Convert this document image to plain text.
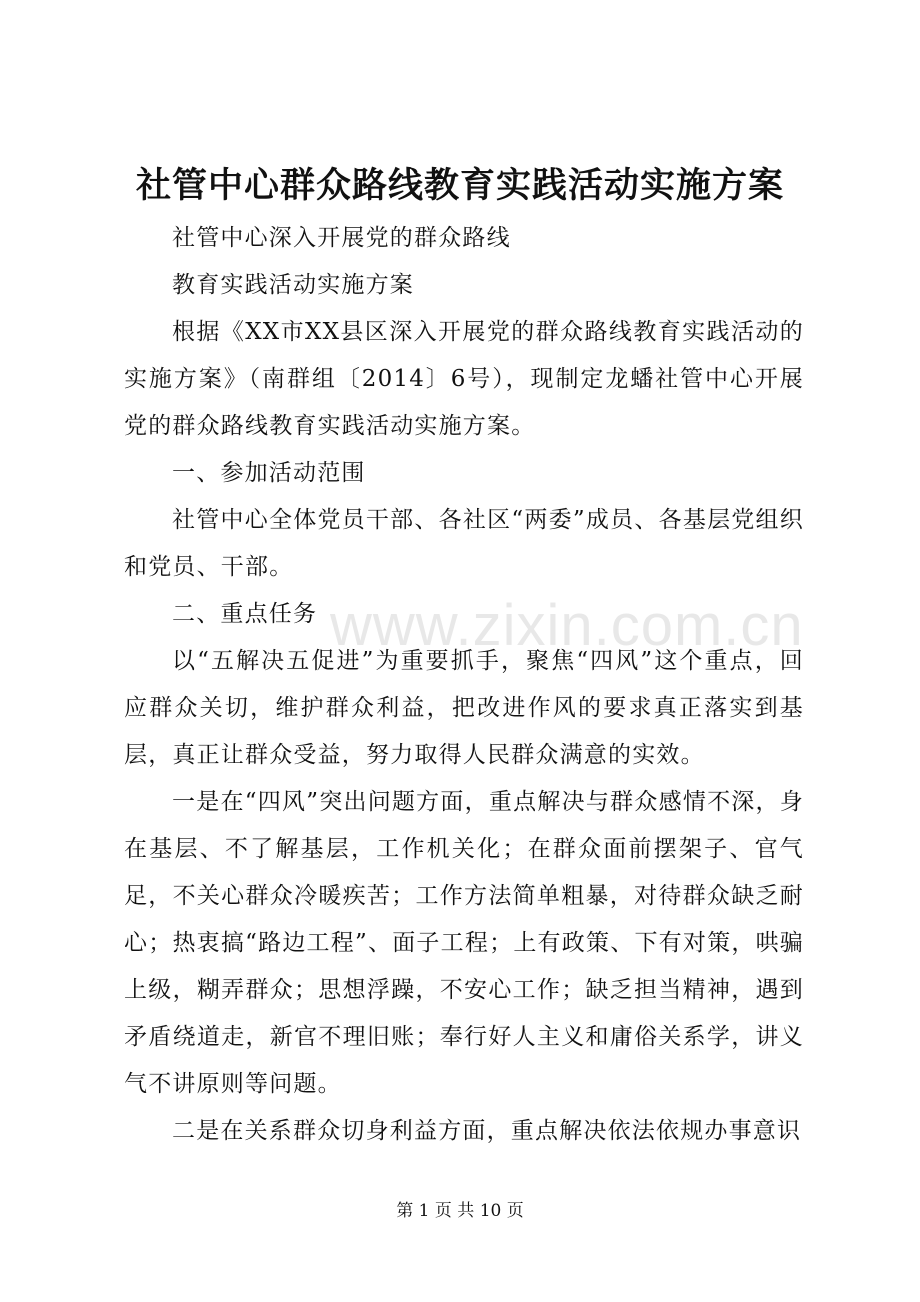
社管中心群众路线教育实践活动实施方案

社管中心深入开展党的群众路线

教育实践活动实施方案

根据《XX市XX县区深入开展党的群众路线教育实践活动的实施方案》（南群组〔2014〕6号），现制定龙蟠社管中心开展党的群众路线教育实践活动实施方案。

一、参加活动范围

社管中心全体党员干部、各社区“两委”成员、各基层党组织和党员、干部。

二、重点任务

以“五解决五促进”为重要抓手，聚焦“四风”这个重点，回应群众关切，维护群众利益，把改进作风的要求真正落实到基层，真正让群众受益，努力取得人民群众满意的实效。

一是在“四风”突出问题方面，重点解决与群众感情不深，身在基层、不了解基层，工作机关化；在群众面前摆架子、官气足，不关心群众冷暖疾苦；工作方法简单粗暴，对待群众缺乏耐心；热衷搞“路边工程”、面子工程；上有政策、下有对策，哄骗上级，糊弄群众；思想浮躁，不安心工作；缺乏担当精神，遇到矛盾绕道走，新官不理旧账；奉行好人主义和庸俗关系学，讲义气不讲原则等问题。

二是在关系群众切身利益方面，重点解决依法依规办事意识

www.zixin.com.cn
第 1 页 共 10 页
